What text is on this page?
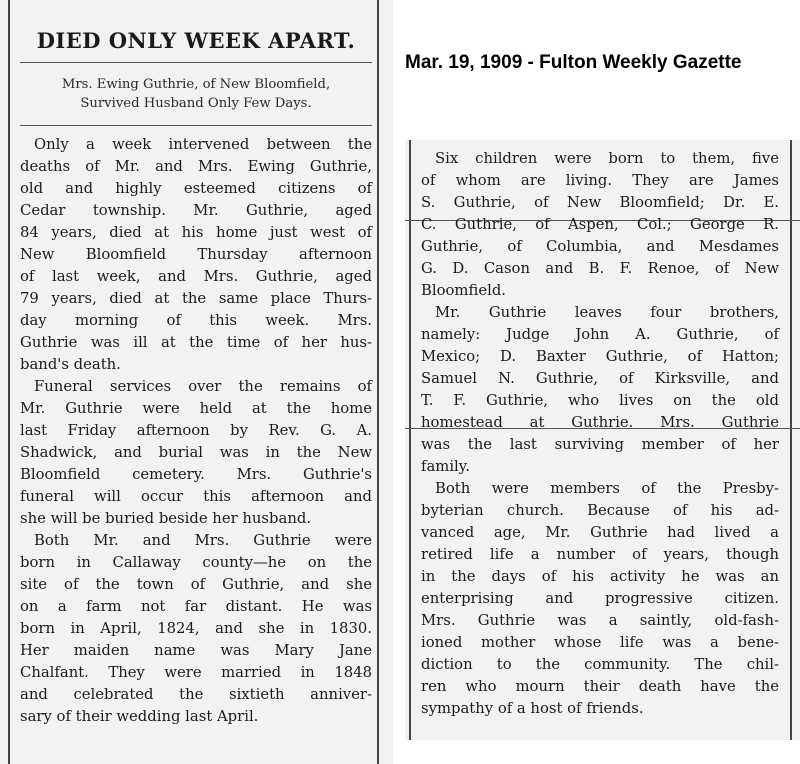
DIED ONLY WEEK APART.
Mrs. Ewing Guthrie, of New Bloomfield,
Survived Husband Only Few Days.
Only a week intervened between the
deaths of Mr. and Mrs. Ewing Guthrie,
old and highly esteemed citizens of
Cedar township. Mr. Guthrie, aged
84 years, died at his home just west of
New Bloomfield Thursday afternoon
of last week, and Mrs. Guthrie, aged
79 years, died at the same place Thurs-
day morning of this week. Mrs.
Guthrie was ill at the time of her hus-
band's death.
Funeral services over the remains of
Mr. Guthrie were held at the home
last Friday afternoon by Rev. G. A.
Shadwick, and burial was in the New
Bloomfield cemetery. Mrs. Guthrie's
funeral will occur this afternoon and
she will be buried beside her husband.
Both Mr. and Mrs. Guthrie were
born in Callaway county—he on the
site of the town of Guthrie, and she
on a farm not far distant. He was
born in April, 1824, and she in 1830.
Her maiden name was Mary Jane
Chalfant. They were married in 1848
and celebrated the sixtieth anniver-
sary of their wedding last April.
Mar. 19, 1909 - Fulton Weekly Gazette
Six children were born to them, five
of whom are living. They are James
S. Guthrie, of New Bloomfield; Dr. E.
C. Guthrie, of Aspen, Col.; George R.
Guthrie, of Columbia, and Mesdames
G. D. Cason and B. F. Renoe, of New
Bloomfield.
Mr. Guthrie leaves four brothers,
namely: Judge John A. Guthrie, of
Mexico; D. Baxter Guthrie, of Hatton;
Samuel N. Guthrie, of Kirksville, and
T. F. Guthrie, who lives on the old
homestead at Guthrie. Mrs. Guthrie
was the last surviving member of her
family.
Both were members of the Presby-
byterian church. Because of his ad-
vanced age, Mr. Guthrie had lived a
retired life a number of years, though
in the days of his activity he was an
enterprising and progressive citizen.
Mrs. Guthrie was a saintly, old-fash-
ioned mother whose life was a bene-
diction to the community. The chil-
ren who mourn their death have the
sympathy of a host of friends.
